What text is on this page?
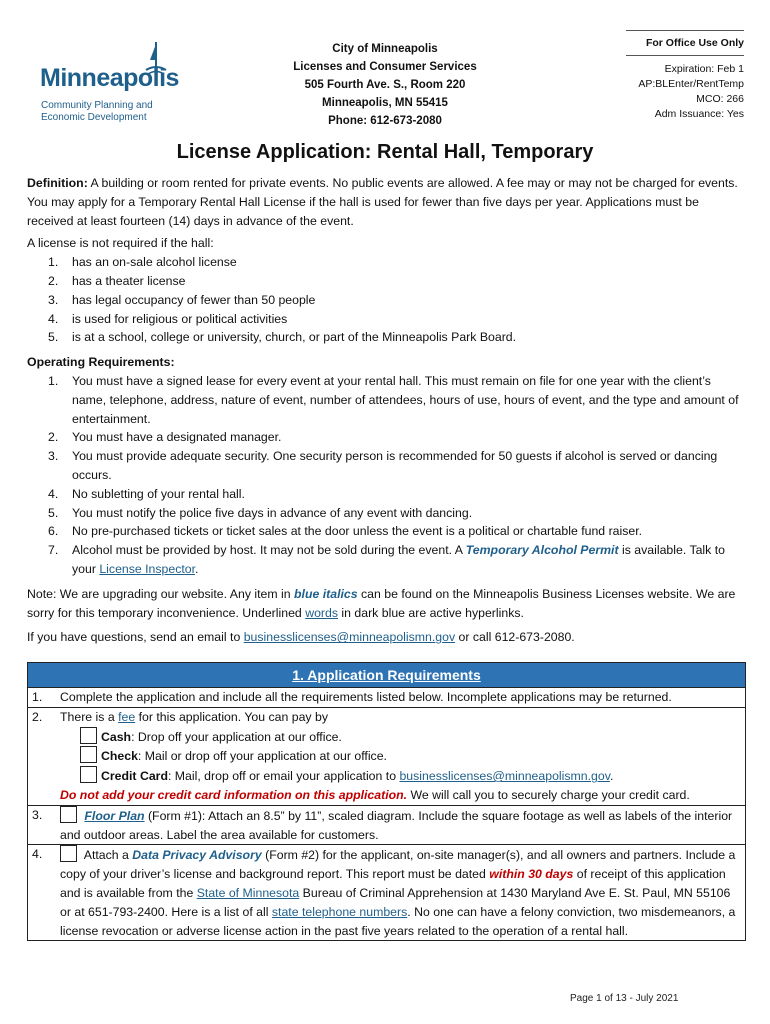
Minneapolis
Community Planning and
Economic Development
City of Minneapolis
Licenses and Consumer Services
505 Fourth Ave. S., Room 220
Minneapolis, MN 55415
Phone: 612-673-2080
For Office Use Only
Expiration: Feb 1
AP:BLEnter/RentTemp
MCO: 266
Adm Issuance: Yes
License Application: Rental Hall, Temporary

Definition: A building or room rented for private events. No public events are allowed. A fee may or may not be charged for events. You may apply for a Temporary Rental Hall License if the hall is used for fewer than five days per year. Applications must be received at least fourteen (14) days in advance of the event.

A license is not required if the hall:

has an on-sale alcohol license
has a theater license
has legal occupancy of fewer than 50 people
is used for religious or political activities
is at a school, college or university, church, or part of the Minneapolis Park Board.

Operating Requirements:

You must have a signed lease for every event at your rental hall. This must remain on file for one year with the client’s name, telephone, address, nature of event, number of attendees, hours of use, hours of event, and the type and amount of entertainment.
You must have a designated manager.
You must provide adequate security. One security person is recommended for 50 guests if alcohol is served or dancing occurs.
No subletting of your rental hall.
You must notify the police five days in advance of any event with dancing.
No pre-purchased tickets or ticket sales at the door unless the event is a political or chartable fund raiser.
Alcohol must be provided by host. It may not be sold during the event. A Temporary Alcohol Permit is available. Talk to your License Inspector.

Note: We are upgrading our website. Any item in blue italics can be found on the Minneapolis Business Licenses website. We are sorry for this temporary inconvenience. Underlined words in dark blue are active hyperlinks.

If you have questions, send an email to businesslicenses@minneapolismn.gov or call 612-673-2080.

1. Application Requirements
1.	Complete the application and include all the requirements listed below. Incomplete applications may be returned.
2.	There is a fee for this application. You can pay by
Cash: Drop off your application at our office.
Check: Mail or drop off your application at our office.
Credit Card: Mail, drop off or email your application to businesslicenses@minneapolismn.gov.
Do not add your credit card information on this application. We will call you to securely charge your credit card.
3.	Floor Plan (Form #1): Attach an 8.5” by 11”, scaled diagram. Include the square footage as well as labels of the interior and outdoor areas. Label the area available for customers.
4.	Attach a Data Privacy Advisory (Form #2) for the applicant, on-site manager(s), and all owners and partners. Include a copy of your driver’s license and background report. This report must be dated within 30 days of receipt of this application and is available from the State of Minnesota Bureau of Criminal Apprehension at 1430 Maryland Ave E. St. Paul, MN 55106 or at 651-793-2400. Here is a list of all state telephone numbers. No one can have a felony conviction, two misdemeanors, a license revocation or adverse license action in the past five years related to the operation of a rental hall.
Page 1 of 13 - July 2021
